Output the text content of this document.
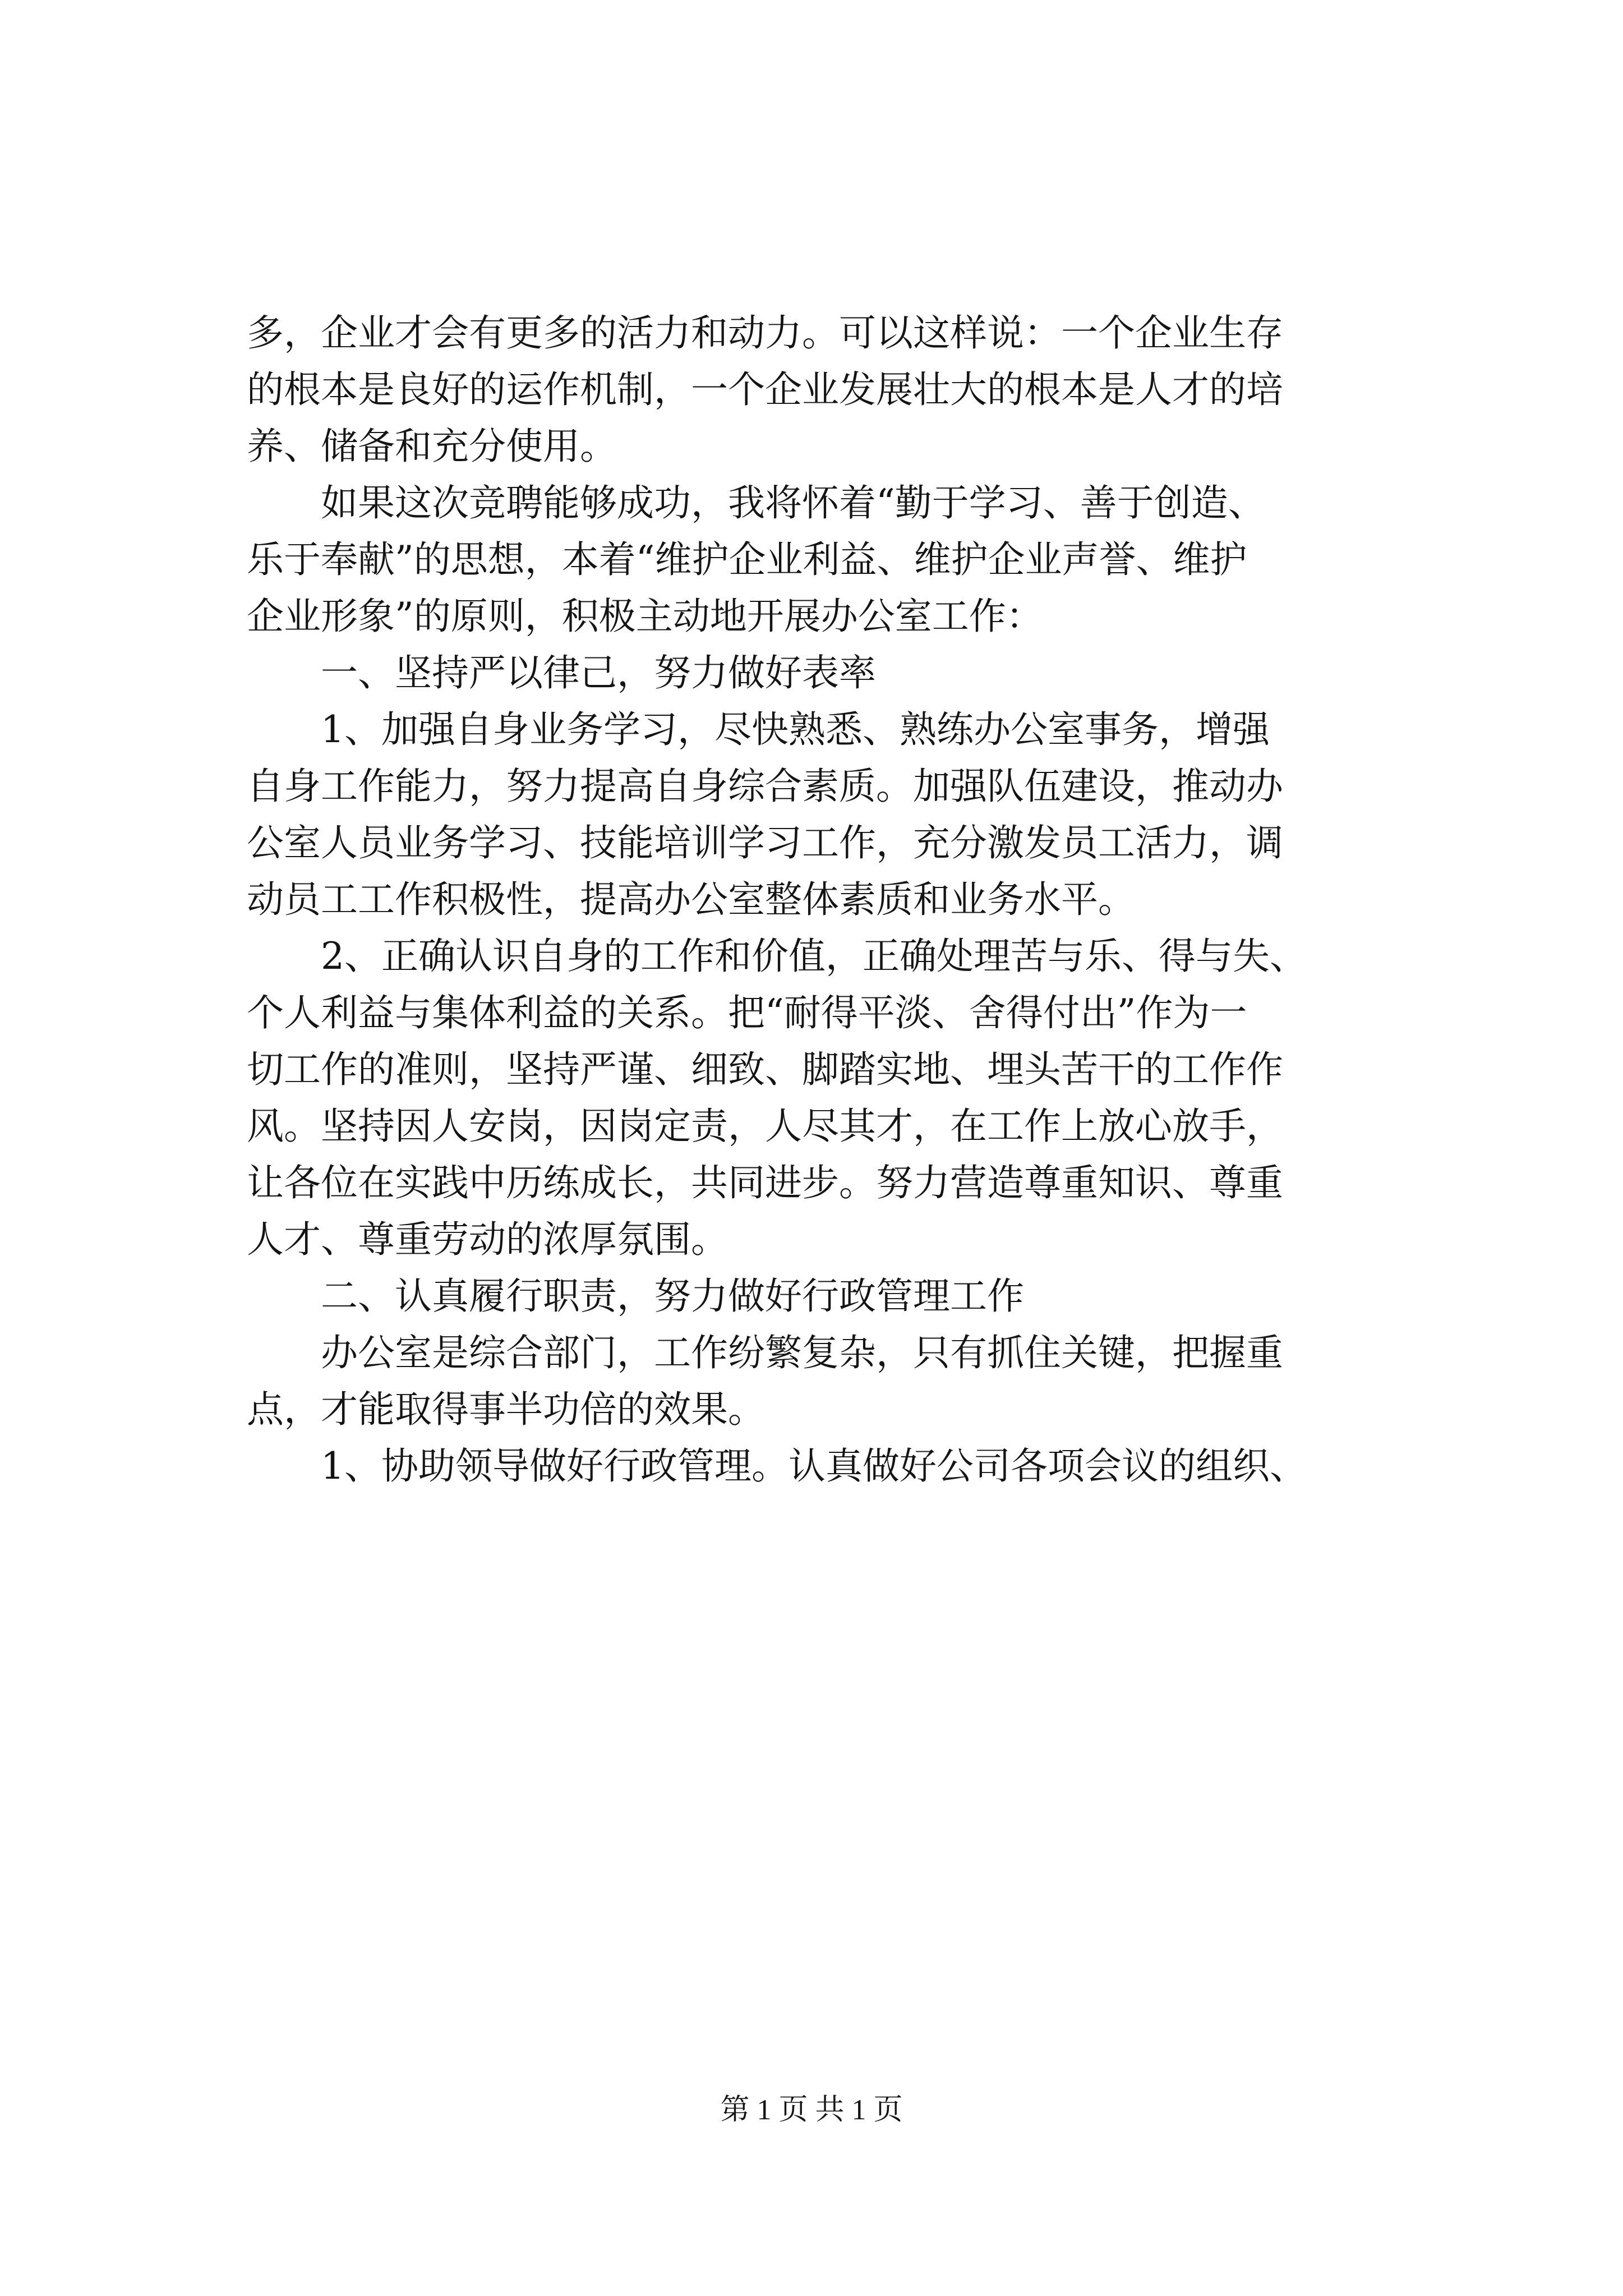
多，企业才会有更多的活力和动力。可以这样说：一个企业生存
的根本是良好的运作机制，一个企业发展壮大的根本是人才的培
养、储备和充分使用。
如果这次竞聘能够成功，我将怀着“勤于学习、善于创造、
乐于奉献”的思想，本着“维护企业利益、维护企业声誉、维护
企业形象”的原则，积极主动地开展办公室工作：
一、坚持严以律己，努力做好表率
1、加强自身业务学习，尽快熟悉、熟练办公室事务，增强
自身工作能力，努力提高自身综合素质。加强队伍建设，推动办
公室人员业务学习、技能培训学习工作，充分激发员工活力，调
动员工工作积极性，提高办公室整体素质和业务水平。
2、正确认识自身的工作和价值，正确处理苦与乐、得与失、
个人利益与集体利益的关系。把“耐得平淡、舍得付出”作为一
切工作的准则，坚持严谨、细致、脚踏实地、埋头苦干的工作作
风。坚持因人安岗，因岗定责，人尽其才，在工作上放心放手，
让各位在实践中历练成长，共同进步。努力营造尊重知识、尊重
人才、尊重劳动的浓厚氛围。
二、认真履行职责，努力做好行政管理工作
办公室是综合部门，工作纷繁复杂，只有抓住关键，把握重
点，才能取得事半功倍的效果。
1、协助领导做好行政管理。认真做好公司各项会议的组织、
第 1 页 共 1 页
